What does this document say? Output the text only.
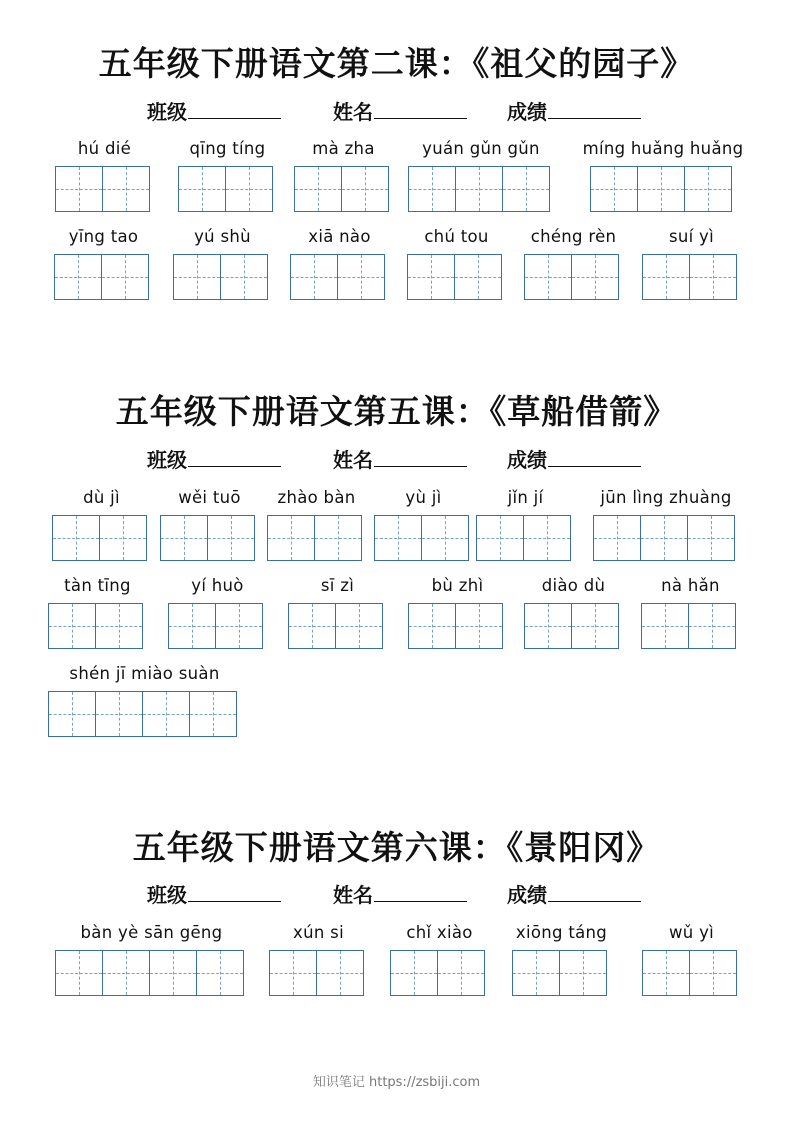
五年级下册语文第二课：《祖父的园子》
班级	姓名	成绩
hú dié	qīng tíng	mà zha	yuán gǔn gǔn	míng huǎng huǎng
yīng tao	yú shù	xiā nào	chú tou	chéng rèn	suí yì
五年级下册语文第五课：《草船借箭》
班级	姓名	成绩
dù jì	wěi tuō	zhào bàn	yù jì	jǐn jí	jūn lìng zhuàng
tàn tīng	yí huò	sī zì	bù zhì	diào dù	nà hǎn
shén jī miào suàn
五年级下册语文第六课：《景阳冈》
班级	姓名	成绩
bàn yè sān gēng	xún si	chǐ xiào	xiōng táng	wǔ yì
知识笔记 https://zsbiji.com
